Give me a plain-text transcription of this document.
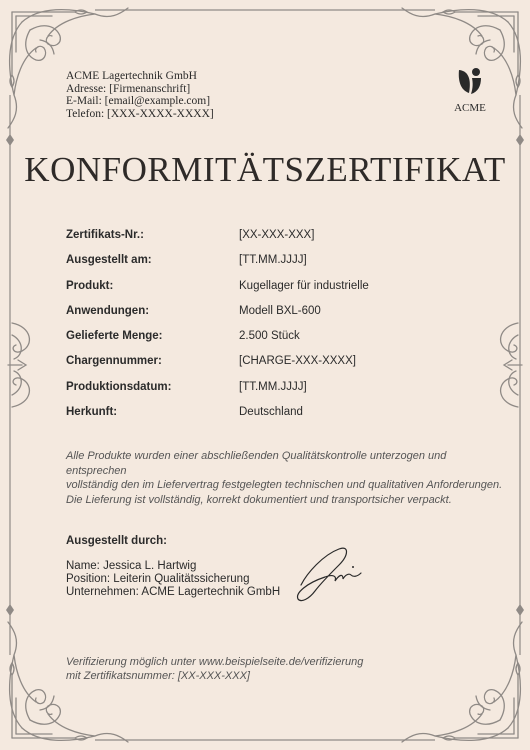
ACME Lagertechnik GmbH
Adresse: [Firmenanschrift]
E-Mail: [email@example.com]
Telefon: [XXX-XXXX-XXXX]	ACME
KONFORMITÄTSZERTIFIKAT
Zertifikats-Nr.:	[XX-XXX-XXX]
Ausgestellt am:	[TT.MM.JJJJ]
Produkt:	Kugellager für industrielle
Anwendungen:	Modell BXL-600
Gelieferte Menge:	2.500 Stück
Chargennummer:	[CHARGE-XXX-XXXX]
Produktionsdatum:	[TT.MM.JJJJ]
Herkunft:	Deutschland
Alle Produkte wurden einer abschließenden Qualitätskontrolle unterzogen und entsprechen
vollständig den im Liefervertrag festgelegten technischen und qualitativen Anforderungen.
Die Lieferung ist vollständig, korrekt dokumentiert und transportsicher verpackt.
Ausgestellt durch:
Name: Jessica L. Hartwig
Position: Leiterin Qualitätssicherung
Unternehmen: ACME Lagertechnik GmbH
Verifizierung möglich unter www.beispielseite.de/verifizierung
mit Zertifikatsnummer: [XX-XXX-XXX]
